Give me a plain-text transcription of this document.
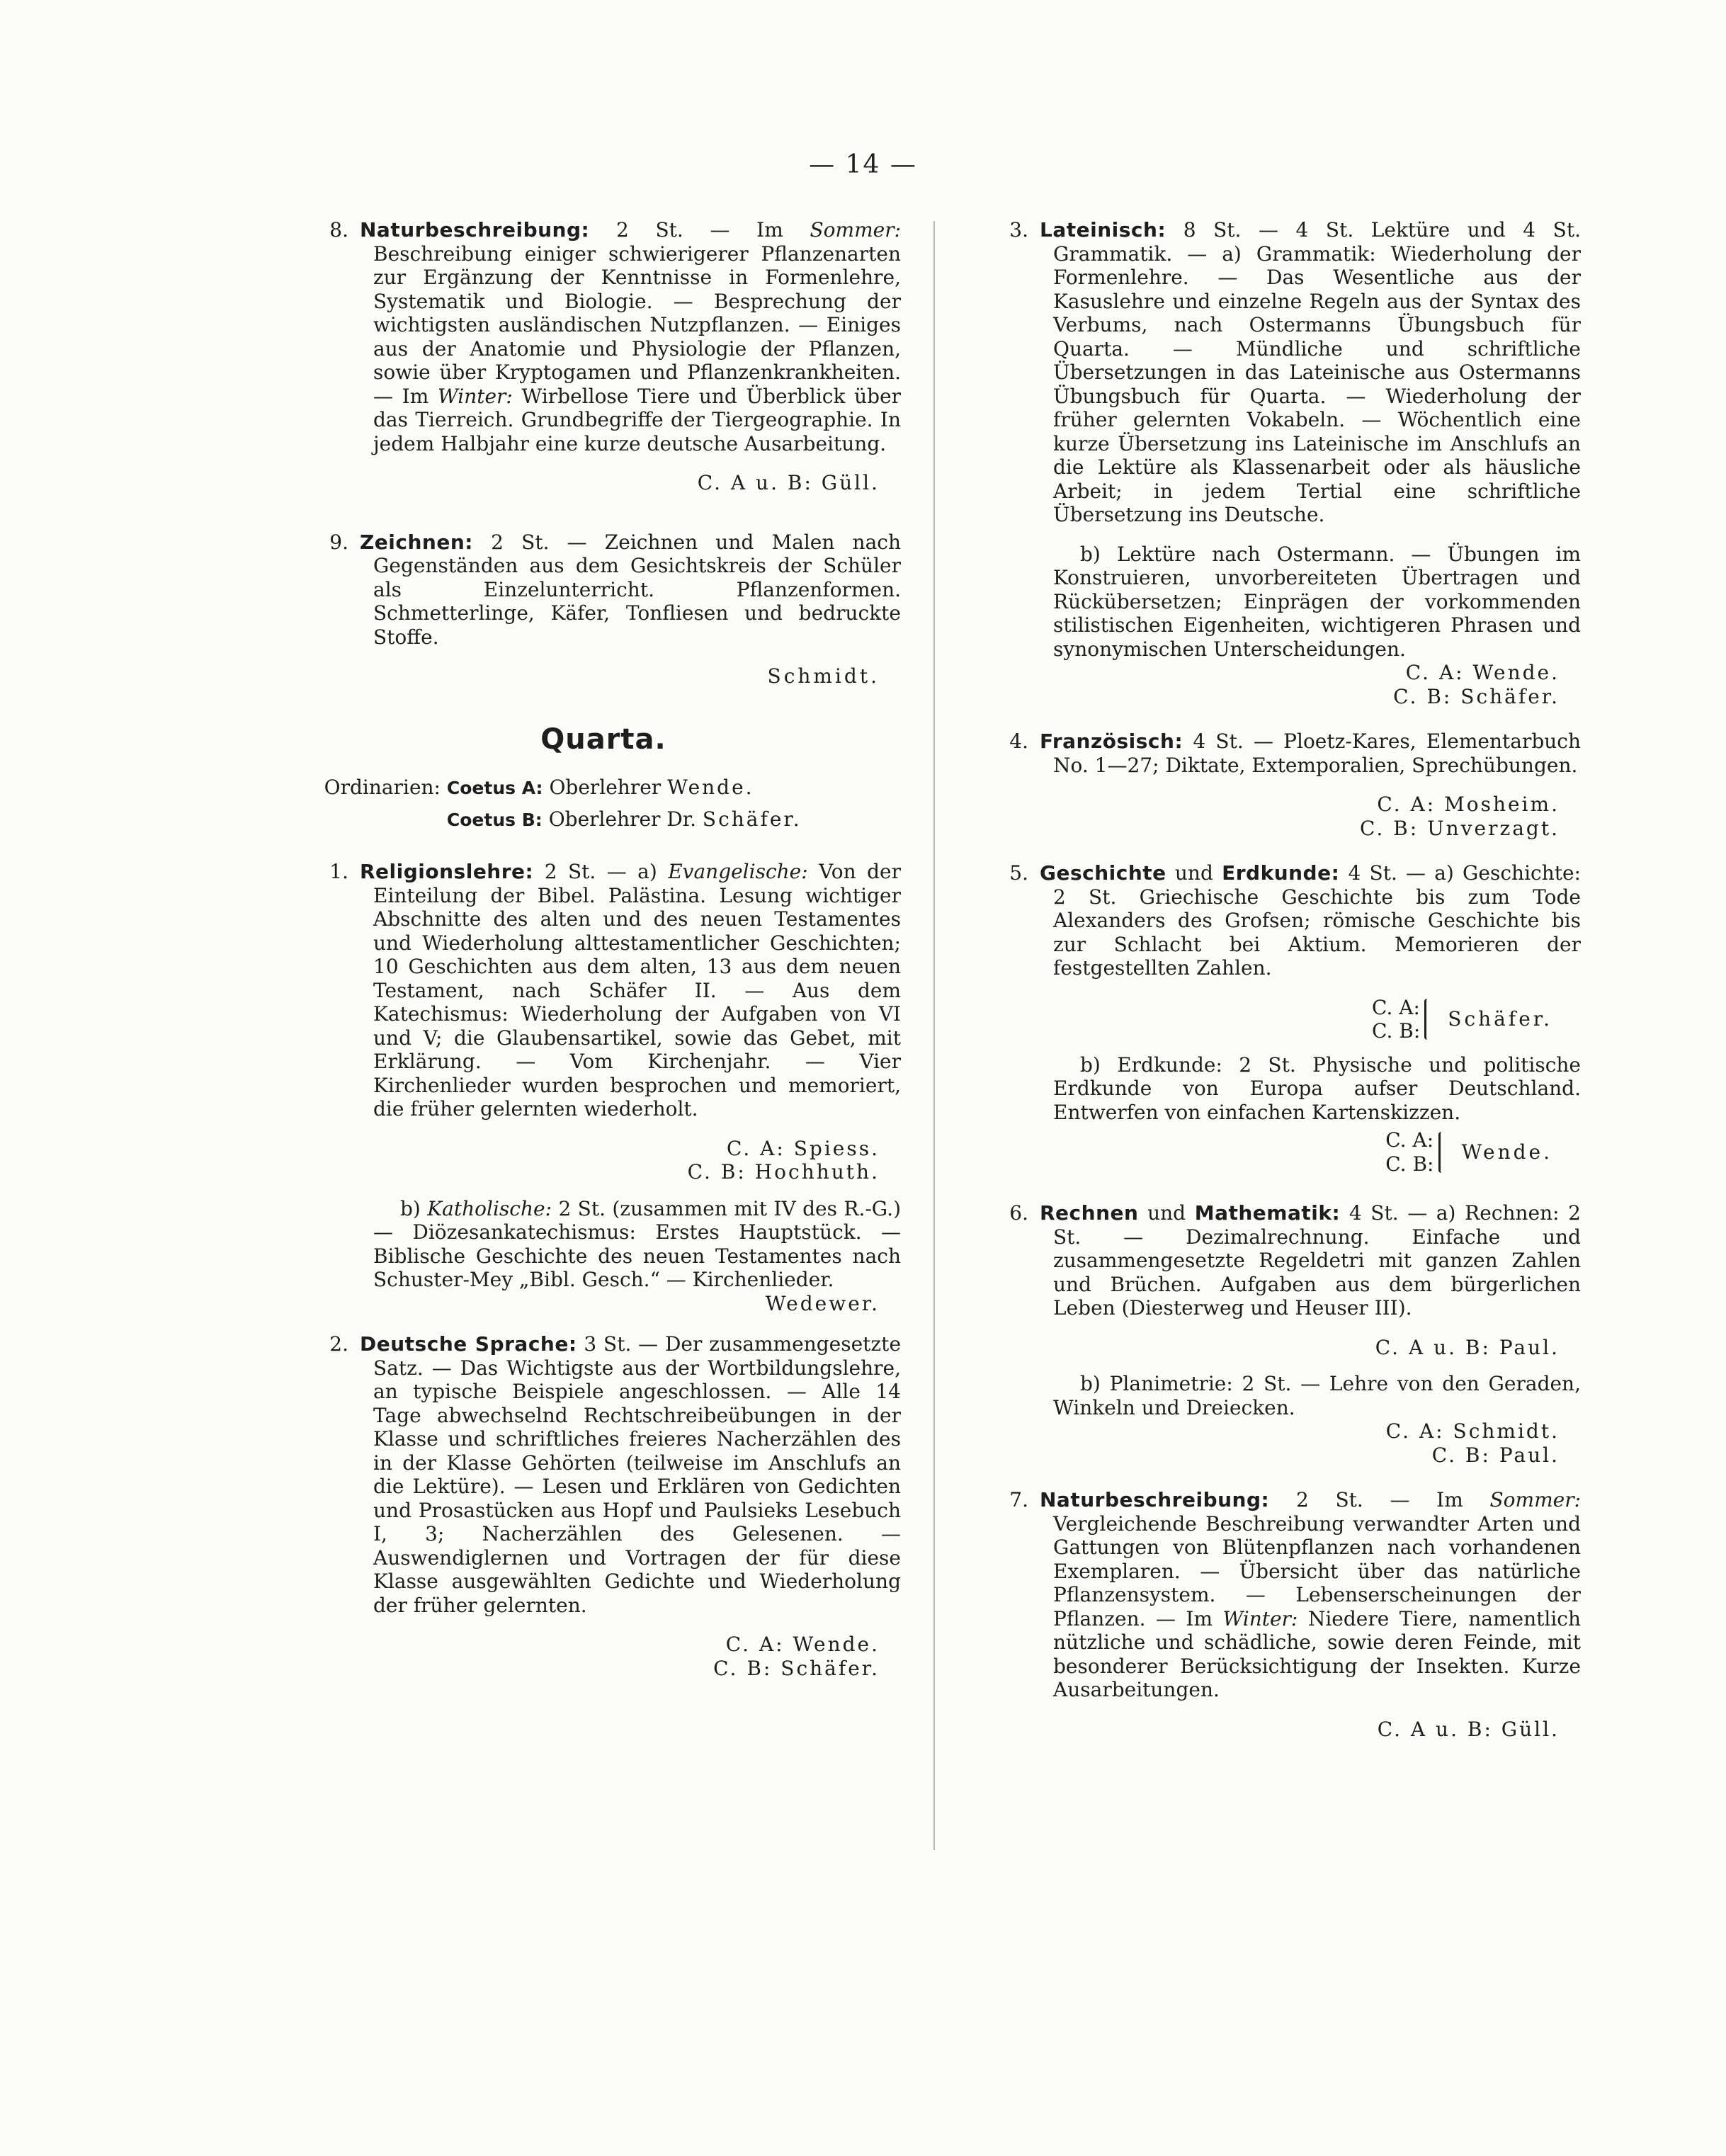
— 14 —

8. Naturbeschreibung: 2 St. — Im Sommer: Beschreibung einiger schwierigerer Pflanzenarten zur Ergänzung der Kenntnisse in Formenlehre, Systematik und Biologie. — Besprechung der wichtigsten ausländischen Nutzpflanzen. — Einiges aus der Anatomie und Physiologie der Pflanzen, sowie über Kryptogamen und Pflanzenkrankheiten. — Im Winter: Wirbellose Tiere und Überblick über das Tierreich. Grundbegriffe der Tiergeographie. In jedem Halbjahr eine kurze deutsche Ausarbeitung.

C. A u. B: Güll.

9. Zeichnen: 2 St. — Zeichnen und Malen nach Gegenständen aus dem Gesichtskreis der Schüler als Einzelunterricht. Pflanzenformen. Schmetterlinge, Käfer, Tonfliesen und bedruckte Stoffe.

Schmidt.

Quarta.

Ordinarien: Coetus A: Oberlehrer Wende.

Coetus B: Oberlehrer Dr. Schäfer.

1. Religionslehre: 2 St. — a) Evangelische: Von der Einteilung der Bibel. Palästina. Lesung wichtiger Abschnitte des alten und des neuen Testamentes und Wiederholung alttestamentlicher Geschichten; 10 Geschichten aus dem alten, 13 aus dem neuen Testament, nach Schäfer II. — Aus dem Katechismus: Wiederholung der Aufgaben von VI und V; die Glaubensartikel, sowie das Gebet, mit Erklärung. — Vom Kirchenjahr. — Vier Kirchenlieder wurden besprochen und memoriert, die früher gelernten wiederholt.

C. A: Spiess.

C. B: Hochhuth.

b) Katholische: 2 St. (zusammen mit IV des R.-G.) — Diözesankatechismus: Erstes Hauptstück. — Biblische Geschichte des neuen Testamentes nach Schuster-Mey „Bibl. Gesch.“ — Kirchenlieder.

Wedewer.

2. Deutsche Sprache: 3 St. — Der zusammengesetzte Satz. — Das Wichtigste aus der Wortbildungslehre, an typische Beispiele angeschlossen. — Alle 14 Tage abwechselnd Rechtschreibeübungen in der Klasse und schriftliches freieres Nacherzählen des in der Klasse Gehörten (teilweise im Anschlufs an die Lektüre). — Lesen und Erklären von Gedichten und Prosastücken aus Hopf und Paulsieks Lesebuch I, 3; Nacherzählen des Gelesenen. — Auswendiglernen und Vortragen der für diese Klasse ausgewählten Gedichte und Wiederholung der früher gelernten.

C. A: Wende.

C. B: Schäfer.

3. Lateinisch: 8 St. — 4 St. Lektüre und 4 St. Grammatik. — a) Grammatik: Wiederholung der Formenlehre. — Das Wesentliche aus der Kasuslehre und einzelne Regeln aus der Syntax des Verbums, nach Ostermanns Übungsbuch für Quarta. — Mündliche und schriftliche Übersetzungen in das Lateinische aus Ostermanns Übungsbuch für Quarta. — Wiederholung der früher gelernten Vokabeln. — Wöchentlich eine kurze Übersetzung ins Lateinische im Anschlufs an die Lektüre als Klassenarbeit oder als häusliche Arbeit; in jedem Tertial eine schriftliche Übersetzung ins Deutsche.

b) Lektüre nach Ostermann. — Übungen im Konstruieren, unvorbereiteten Übertragen und Rückübersetzen; Einprägen der vorkommenden stilistischen Eigenheiten, wichtigeren Phrasen und synonymischen Unterscheidungen.

C. A: Wende.

C. B: Schäfer.

4. Französisch: 4 St. — Ploetz-Kares, Elementarbuch No. 1—27; Diktate, Extemporalien, Sprechübungen.

C. A: Mosheim.

C. B: Unverzagt.

5. Geschichte und Erdkunde: 4 St. — a) Geschichte: 2 St. Griechische Geschichte bis zum Tode Alexanders des Grofsen; römische Geschichte bis zur Schlacht bei Aktium. Memorieren der festgestellten Zahlen.

C. A:
C. B:
Schäfer.

b) Erdkunde: 2 St. Physische und politische Erdkunde von Europa aufser Deutschland. Entwerfen von einfachen Kartenskizzen.

C. A:
C. B:
Wende.

6. Rechnen und Mathematik: 4 St. — a) Rechnen: 2 St. — Dezimalrechnung. Einfache und zusammengesetzte Regeldetri mit ganzen Zahlen und Brüchen. Aufgaben aus dem bürgerlichen Leben (Diesterweg und Heuser III).

C. A u. B: Paul.

b) Planimetrie: 2 St. — Lehre von den Geraden, Winkeln und Dreiecken.

C. A: Schmidt.

C. B: Paul.

7. Naturbeschreibung: 2 St. — Im Sommer: Vergleichende Beschreibung verwandter Arten und Gattungen von Blütenpflanzen nach vorhandenen Exemplaren. — Übersicht über das natürliche Pflanzensystem. — Lebenserscheinungen der Pflanzen. — Im Winter: Niedere Tiere, namentlich nützliche und schädliche, sowie deren Feinde, mit besonderer Berücksichtigung der Insekten. Kurze Ausarbeitungen.

C. A u. B: Güll.
